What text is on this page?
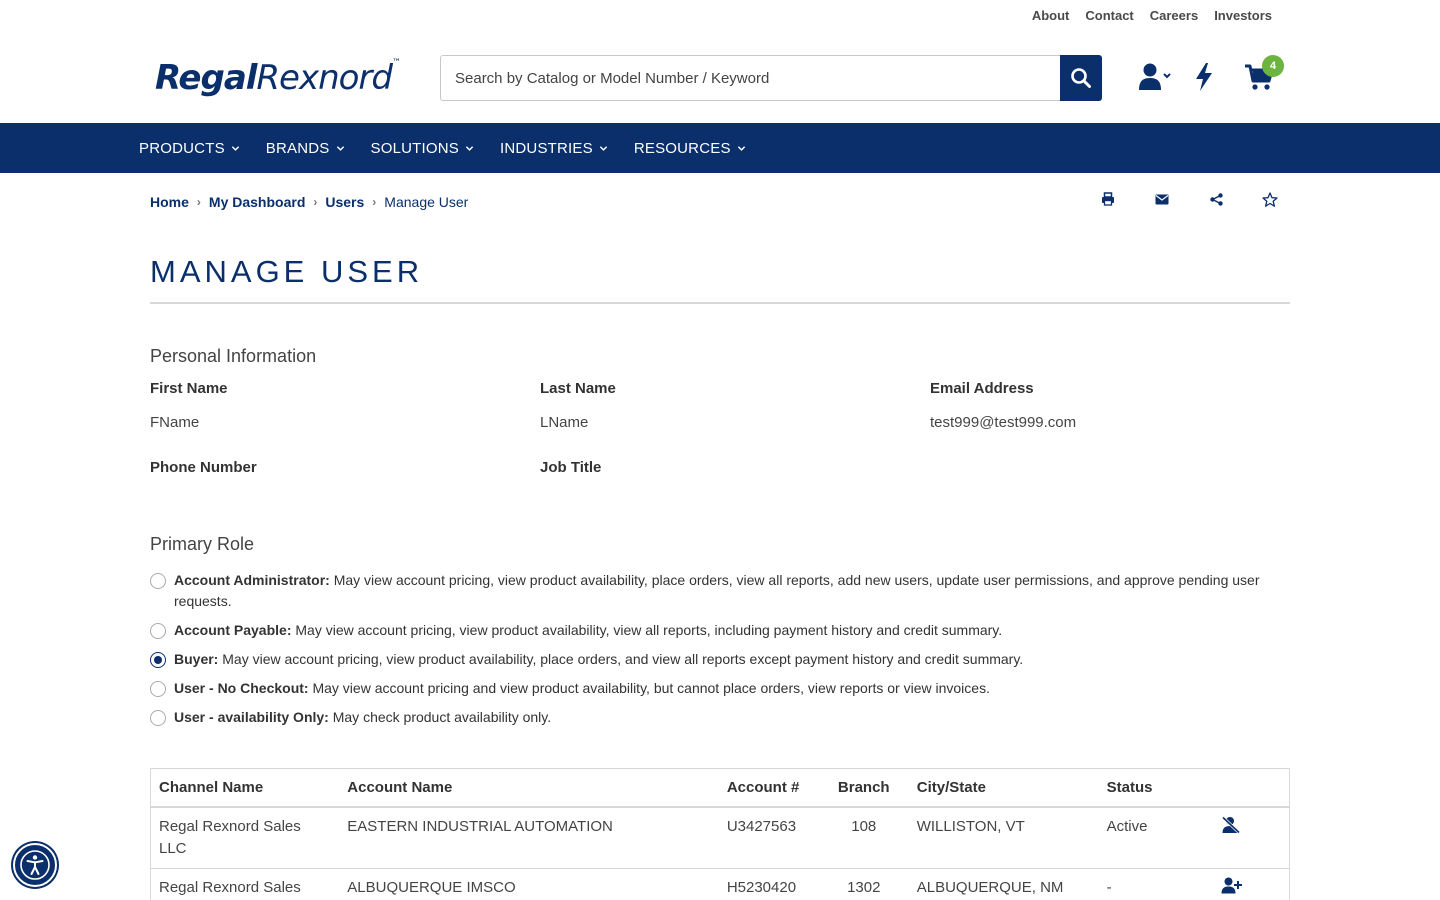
About Contact Careers Investors
RegalRexnord™
Search by Catalog or Model Number / Keyword	4
PRODUCTS	BRANDS	SOLUTIONS	INDUSTRIES	RESOURCES
Home › My Dashboard › Users › Manage User
MANAGE USER
Personal Information
First Name	Last Name	Email Address
FName	LName	test999@test999.com
Phone Number	Job Title
Primary Role
Account Administrator: May view account pricing, view product availability, place orders, view all reports, add new users, update user permissions, and approve pending user requests.
Account Payable: May view account pricing, view product availability, view all reports, including payment history and credit summary.
Buyer: May view account pricing, view product availability, place orders, and view all reports except payment history and credit summary.
User - No Checkout: May view account pricing and view product availability, but cannot place orders, view reports or view invoices.
User - availability Only: May check product availability only.
Channel Name	Account Name	Account #	Branch	City/State	Status	
Regal Rexnord Sales LLC	EASTERN INDUSTRIAL AUTOMATION	U3427563	108	WILLISTON, VT	Active	
Regal Rexnord Sales	ALBUQUERQUE IMSCO	H5230420	1302	ALBUQUERQUE, NM	-	
